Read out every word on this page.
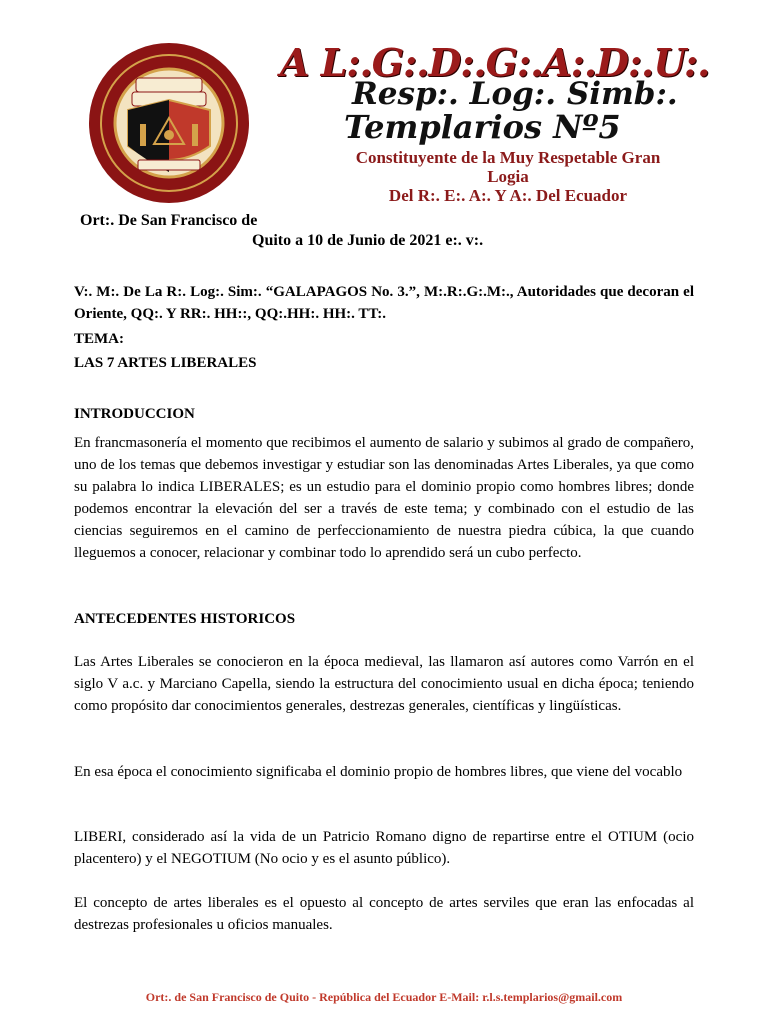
A L:.G:.D:.G:.A:.D:.U:.
Resp:. Log:. Simb:.
Templarios Nº5
Constituyente de la Muy Respetable Gran
Logia
Del R:. E:. A:. Y A:. Del Ecuador
Ort:. De San Francisco de
Quito a 10 de Junio de 2021 e:. v:.

V:. M:. De La R:. Log:. Sim:. “GALAPAGOS No. 3.”, M:.R:.G:.M:., Autoridades que decoran el Oriente, QQ:. Y RR:. HH::, QQ:.HH:. HH:. TT:.

TEMA:

LAS 7 ARTES LIBERALES

INTRODUCCION

En francmasonería el momento que recibimos el aumento de salario y subimos al grado de compañero, uno de los temas que debemos investigar y estudiar son las denominadas Artes Liberales, ya que como su palabra lo indica LIBERALES; es un estudio para el dominio propio como hombres libres; donde podemos encontrar la elevación del ser a través de este tema; y combinado con el estudio de las ciencias seguiremos en el camino de perfeccionamiento de nuestra piedra cúbica, la que cuando lleguemos a conocer, relacionar y combinar todo lo aprendido será un cubo perfecto.

ANTECEDENTES HISTORICOS

Las Artes Liberales se conocieron en la época medieval, las llamaron así autores como Varrón en el siglo V a.c. y Marciano Capella, siendo la estructura del conocimiento usual en dicha época; teniendo como propósito dar conocimientos generales, destrezas generales, científicas y lingüísticas.

En esa época el conocimiento significaba el dominio propio de hombres libres, que viene del vocablo

LIBERI, considerado así la vida de un Patricio Romano digno de repartirse entre el OTIUM (ocio placentero) y el NEGOTIUM (No ocio y es el asunto público).

El concepto de artes liberales es el opuesto al concepto de artes serviles que eran las enfocadas al destrezas profesionales u oficios manuales.

Ort:. de San Francisco de Quito - República del Ecuador E-Mail: r.l.s.templarios@gmail.com
